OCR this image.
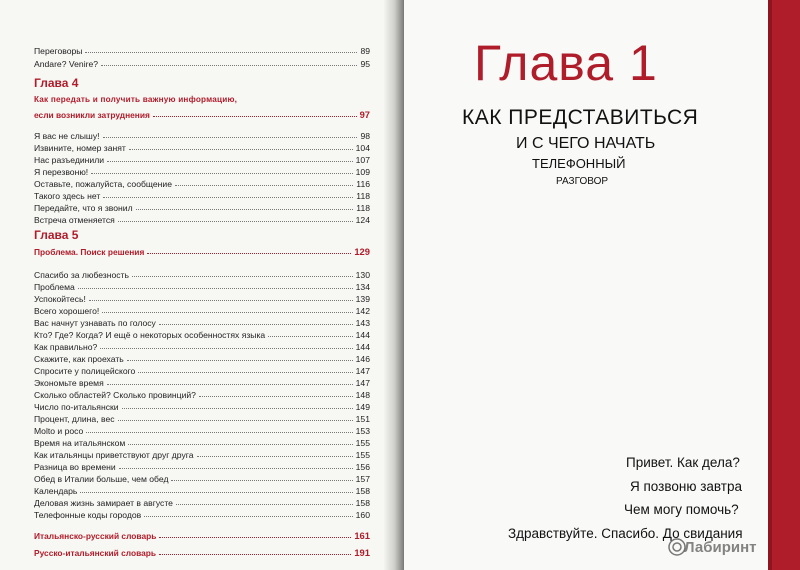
Переговоры	89
Andare? Venire?	95
Глава 4
Как передать и получить важную информацию,
если возникли затруднения	97
Я вас не слышу!	98
Извините, номер занят	104
Нас разъединили	107
Я перезвоню!	109
Оставьте, пожалуйста, сообщение	116
Такого здесь нет	118
Передайте, что я звонил	118
Встреча отменяется	124
Глава 5
Проблема. Поиск решения	129
Спасибо за любезность	130
Проблема	134
Успокойтесь!	139
Всего хорошего!	142
Вас начнут узнавать по голосу	143
Кто? Где? Когда? И ещё о некоторых особенностях языка	144
Как правильно?	144
Скажите, как проехать	146
Спросите у полицейского	147
Экономьте время	147
Сколько областей? Сколько провинций?	148
Число по-итальянски	149
Процент, длина, вес	151
Molto и poco	153
Время на итальянском	155
Как итальянцы приветствуют друг друга	155
Разница во времени	156
Обед в Италии больше, чем обед	157
Календарь	158
Деловая жизнь замирает в августе	158
Телефонные коды городов	160
Итальянско-русский словарь	161
Русско-итальянский словарь	191
Глава 1
КАК ПРЕДСТАВИТЬСЯ
И С ЧЕГО НАЧАТЬ
ТЕЛЕФОННЫЙ
РАЗГОВОР
Привет. Как дела?
Я позвоню завтра
Чем могу помочь?
Здравствуйте. Спасибо. До свидания
Лабиринт
